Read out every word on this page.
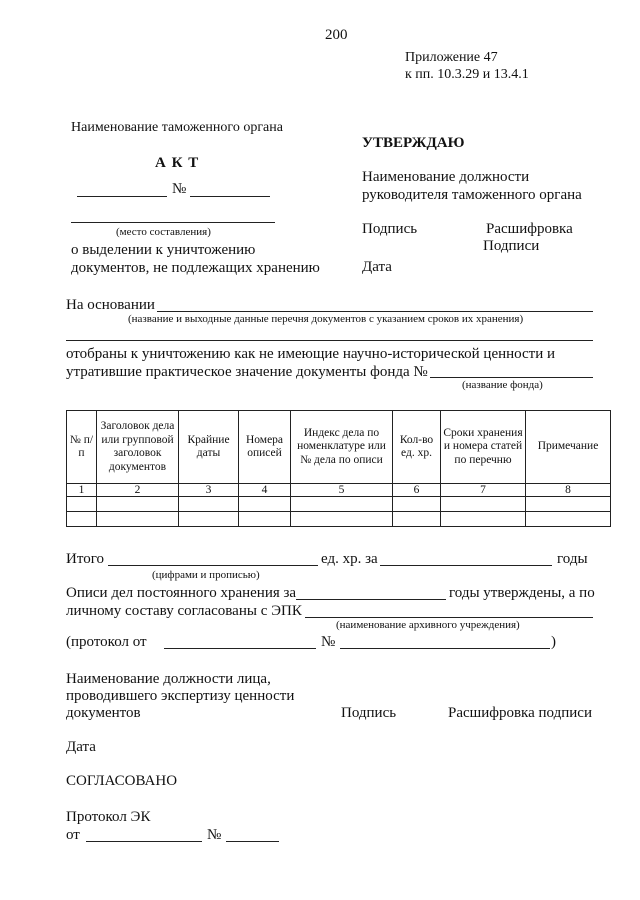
200
Приложение 47
к пп. 10.3.29 и 13.4.1
Наименование таможенного органа
А К Т
№
(место составления)
о выделении к уничтожению
документов, не подлежащих хранению
УТВЕРЖДАЮ
Наименование должности
руководителя таможенного органа
Подпись	Расшифровка
Подписи
Дата
На основании
(название и выходные данные перечня документов с указанием сроков их хранения)
отобраны к уничтожению как не имеющие научно-исторической ценности и
утратившие практическое значение документы фонда №
(название фонда)
№ п/п	Заголовок дела или групповой заголовок документов	Крайние даты	Номера описей	Индекс дела по номенклатуре или № дела по описи	Кол-во ед. хр.	Сроки хранения и номера статей по перечню	Примечание
1	2	3	4	5	6	7	8

Итого	ед. хр. за	годы
(цифрами и прописью)
Описи дел постоянного хранения за	годы утверждены, а по
личному составу согласованы с ЭПК
(наименование архивного учреждения)
(протокол от	№	)
Наименование должности лица,
проводившего экспертизу ценности
документов	Подпись	Расшифровка подписи
Дата
СОГЛАСОВАНО
Протокол ЭК
от	№
